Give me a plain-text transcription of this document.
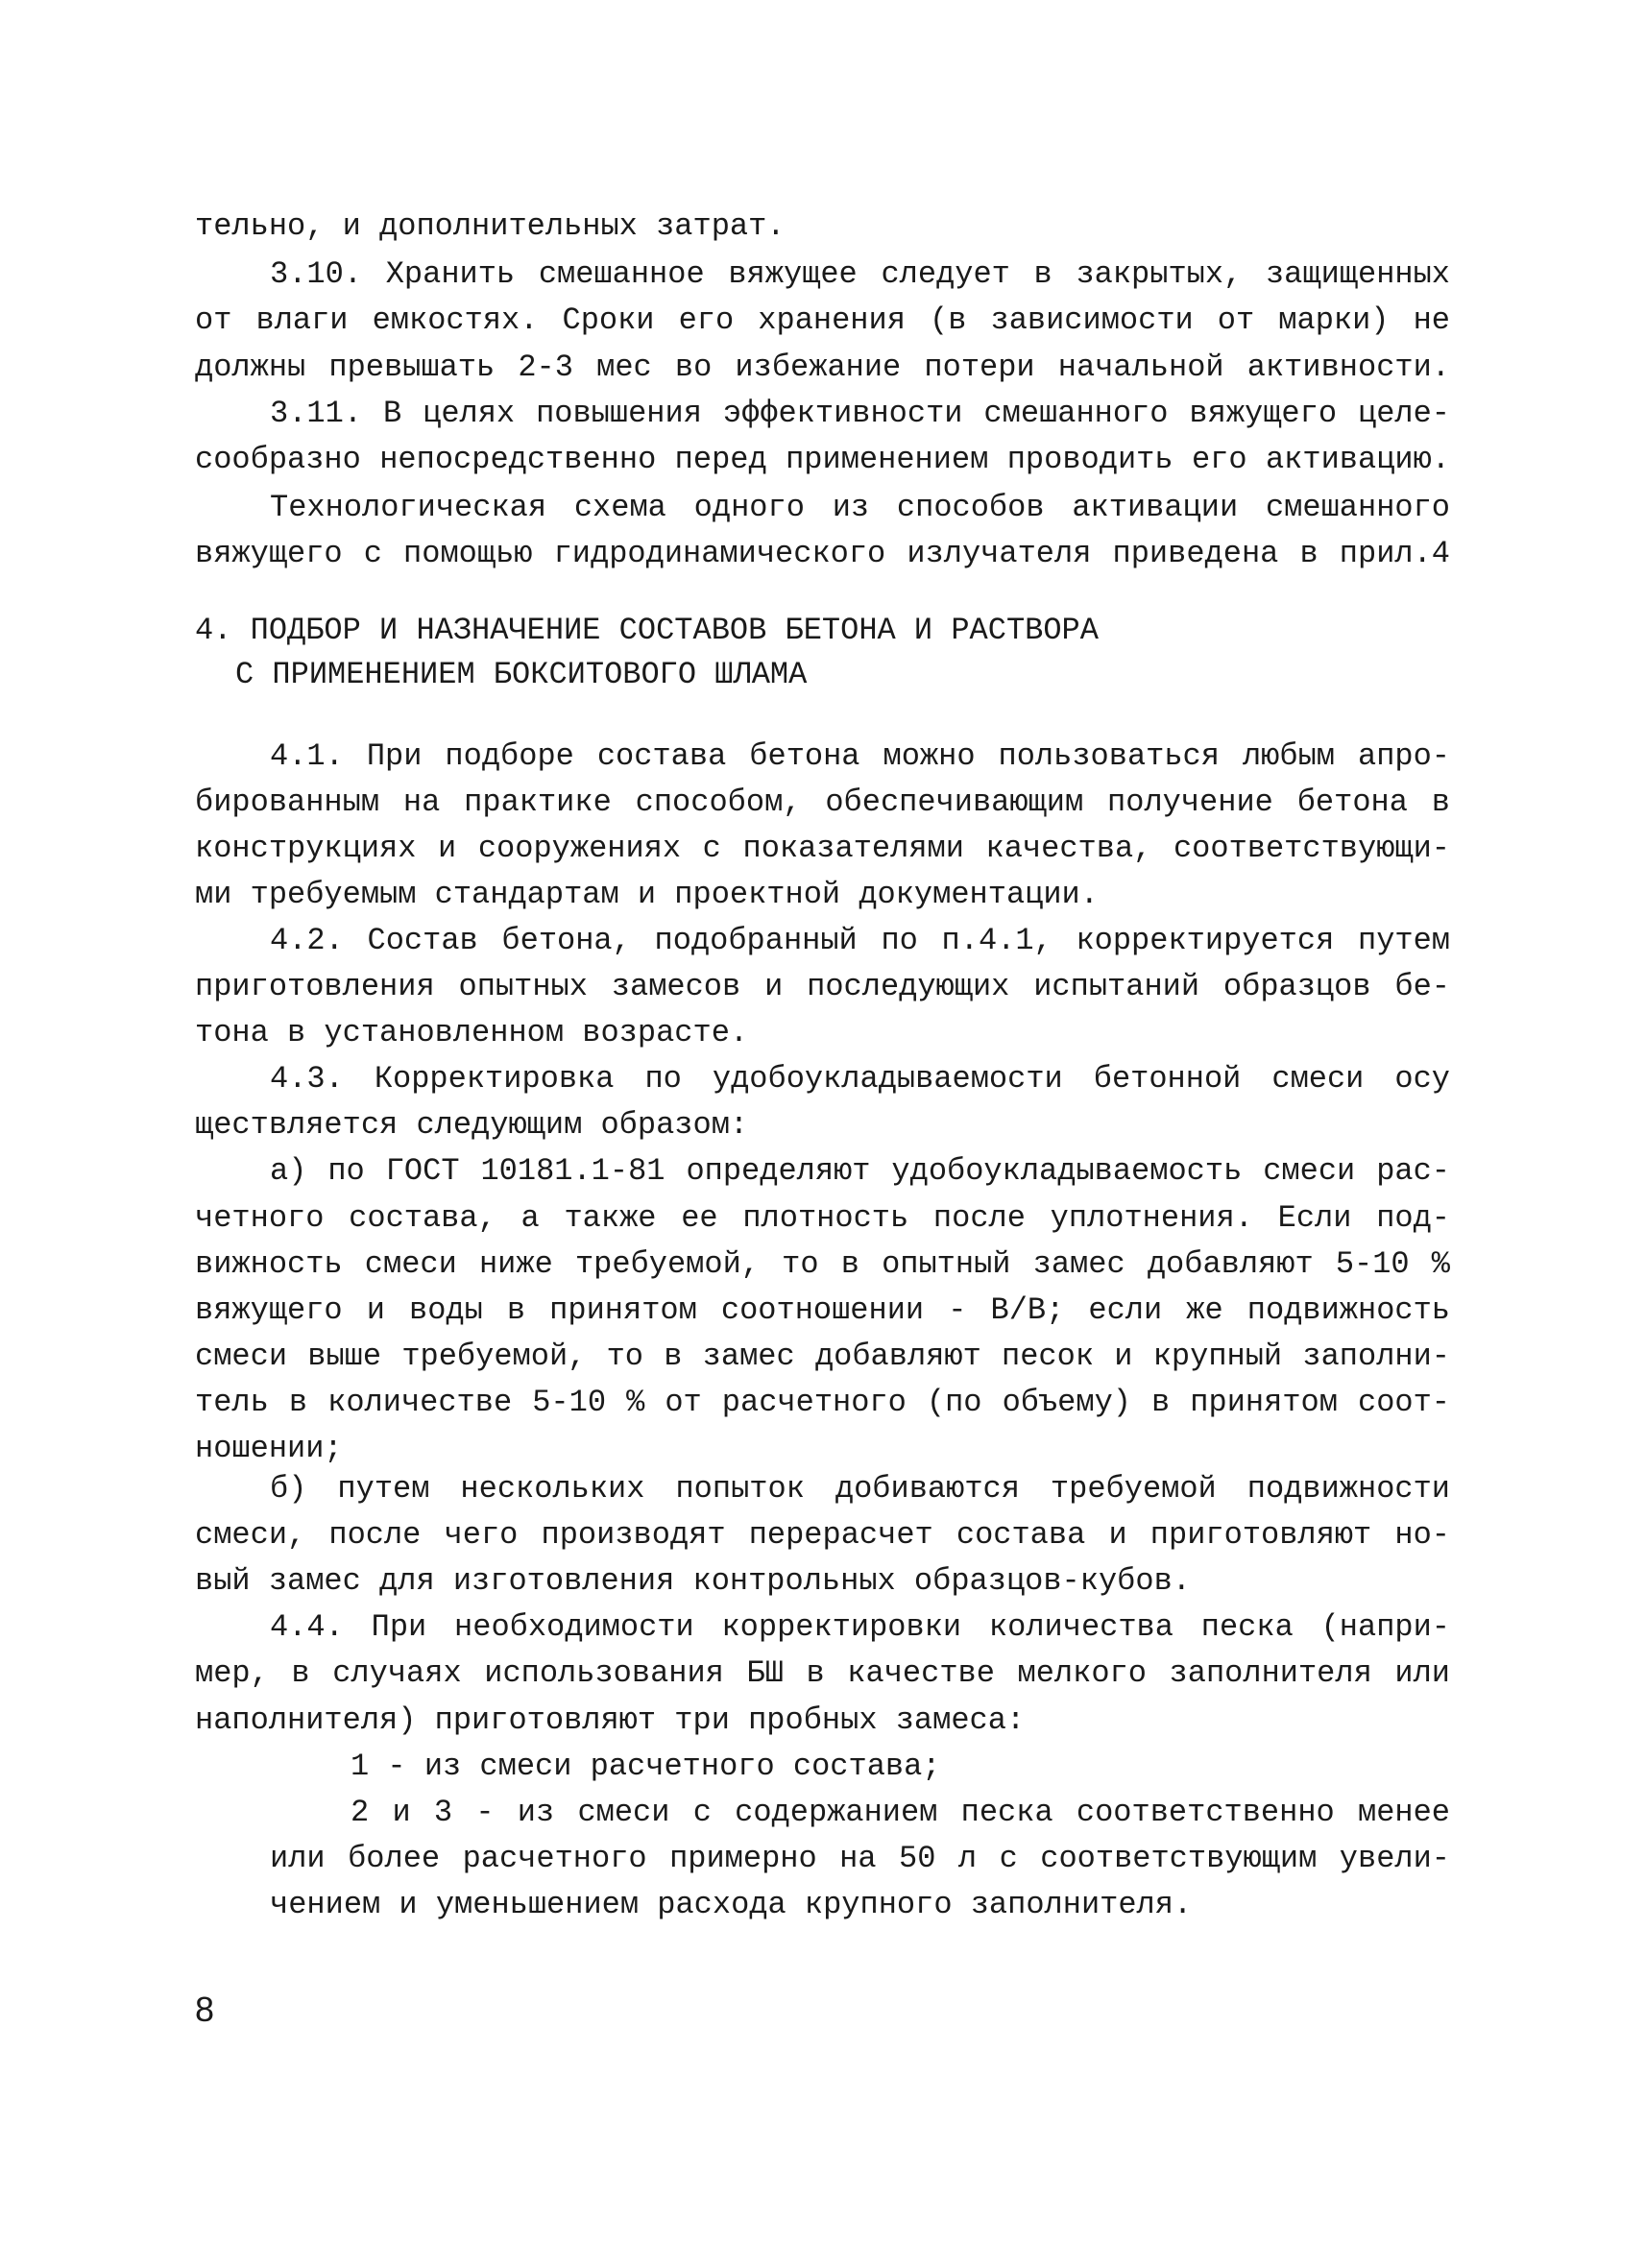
тельно, и дополнительных затрат.
3.10. Хранить смешанное вяжущее следует в закрытых, защищенных
от влаги емкостях. Сроки его хранения (в зависимости от марки) не
должны превышать 2-3 мес во избежание потери начальной активности.
3.11. В целях повышения эффективности смешанного вяжущего целе-
сообразно непосредственно перед применением проводить его активацию.
Технологическая схема одного из способов активации смешанного
вяжущего с помощью гидродинамического излучателя приведена в прил.4
4. ПОДБОР И НАЗНАЧЕНИЕ СОСТАВОВ БЕТОНА И РАСТВОРА
С ПРИМЕНЕНИЕМ БОКСИТОВОГО ШЛАМА
4.1. При подборе состава бетона можно пользоваться любым апро-
бированным на практике способом, обеспечивающим получение бетона в
конструкциях и сооружениях с показателями качества, соответствующи-
ми требуемым стандартам и проектной документации.
4.2. Состав бетона, подобранный по п.4.1, корректируется путем
приготовления опытных замесов и последующих испытаний образцов бе-
тона в установленном возрасте.
4.3. Корректировка по удобоукладываемости бетонной смеси осу
ществляется следующим образом:
а) по ГОСТ 10181.1-81 определяют удобоукладываемость смеси рас-
четного состава, а также ее плотность после уплотнения. Если под-
вижность смеси ниже требуемой, то в опытный замес добавляют 5-10 %
вяжущего и воды в принятом соотношении - В/В; если же подвижность
смеси выше требуемой, то в замес добавляют песок и крупный заполни-
тель в количестве 5-10 % от расчетного (по объему) в принятом соот-
ношении;
б) путем нескольких попыток добиваются требуемой подвижности
смеси, после чего производят перерасчет состава и приготовляют но-
вый замес для изготовления контрольных образцов-кубов.
4.4. При необходимости корректировки количества песка (напри-
мер, в случаях использования БШ в качестве мелкого заполнителя или
наполнителя) приготовляют три пробных замеса:
1 - из смеси расчетного состава;
2 и 3 - из смеси с содержанием песка соответственно менее
или более расчетного примерно на 50 л с соответствующим увели-
чением и уменьшением расхода крупного заполнителя.
8
